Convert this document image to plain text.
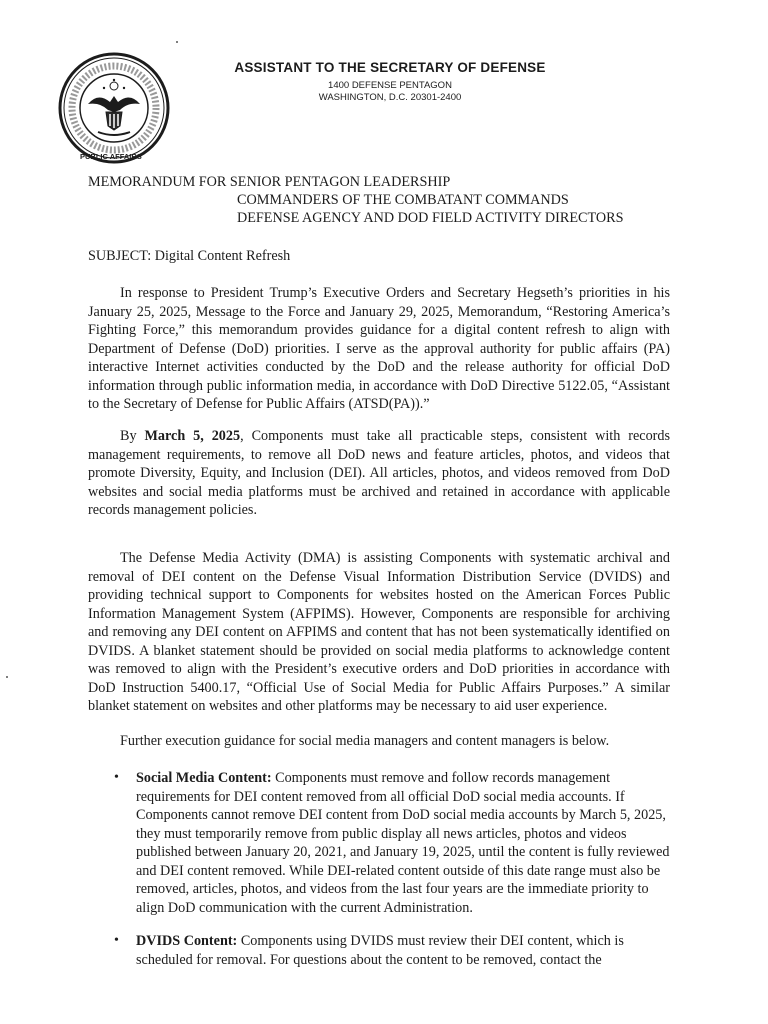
ASSISTANT TO THE SECRETARY OF DEFENSE
1400 DEFENSE PENTAGON
WASHINGTON, D.C. 20301-2400
PUBLIC AFFAIRS
MEMORANDUM FOR SENIOR PENTAGON LEADERSHIP
COMMANDERS OF THE COMBATANT COMMANDS
DEFENSE AGENCY AND DOD FIELD ACTIVITY DIRECTORS
SUBJECT: Digital Content Refresh
In response to President Trump’s Executive Orders and Secretary Hegseth’s priorities in his January 25, 2025, Message to the Force and January 29, 2025, Memorandum, “Restoring America’s Fighting Force,” this memorandum provides guidance for a digital content refresh to align with Department of Defense (DoD) priorities. I serve as the approval authority for public affairs (PA) interactive Internet activities conducted by the DoD and the release authority for official DoD information through public information media, in accordance with DoD Directive 5122.05, “Assistant to the Secretary of Defense for Public Affairs (ATSD(PA)).”
By March 5, 2025, Components must take all practicable steps, consistent with records management requirements, to remove all DoD news and feature articles, photos, and videos that promote Diversity, Equity, and Inclusion (DEI). All articles, photos, and videos removed from DoD websites and social media platforms must be archived and retained in accordance with applicable records management policies.
The Defense Media Activity (DMA) is assisting Components with systematic archival and removal of DEI content on the Defense Visual Information Distribution Service (DVIDS) and providing technical support to Components for websites hosted on the American Forces Public Information Management System (AFPIMS). However, Components are responsible for archiving and removing any DEI content on AFPIMS and content that has not been systematically identified on DVIDS. A blanket statement should be provided on social media platforms to acknowledge content was removed to align with the President’s executive orders and DoD priorities in accordance with DoD Instruction 5400.17, “Official Use of Social Media for Public Affairs Purposes.” A similar blanket statement on websites and other platforms may be necessary to aid user experience.
Further execution guidance for social media managers and content managers is below.
• Social Media Content: Components must remove and follow records management requirements for DEI content removed from all official DoD social media accounts. If Components cannot remove DEI content from DoD social media accounts by March 5, 2025, they must temporarily remove from public display all news articles, photos and videos published between January 20, 2021, and January 19, 2025, until the content is fully reviewed and DEI content removed. While DEI-related content outside of this date range must also be removed, articles, photos, and videos from the last four years are the immediate priority to align DoD communication with the current Administration.
• DVIDS Content: Components using DVIDS must review their DEI content, which is scheduled for removal. For questions about the content to be removed, contact the
